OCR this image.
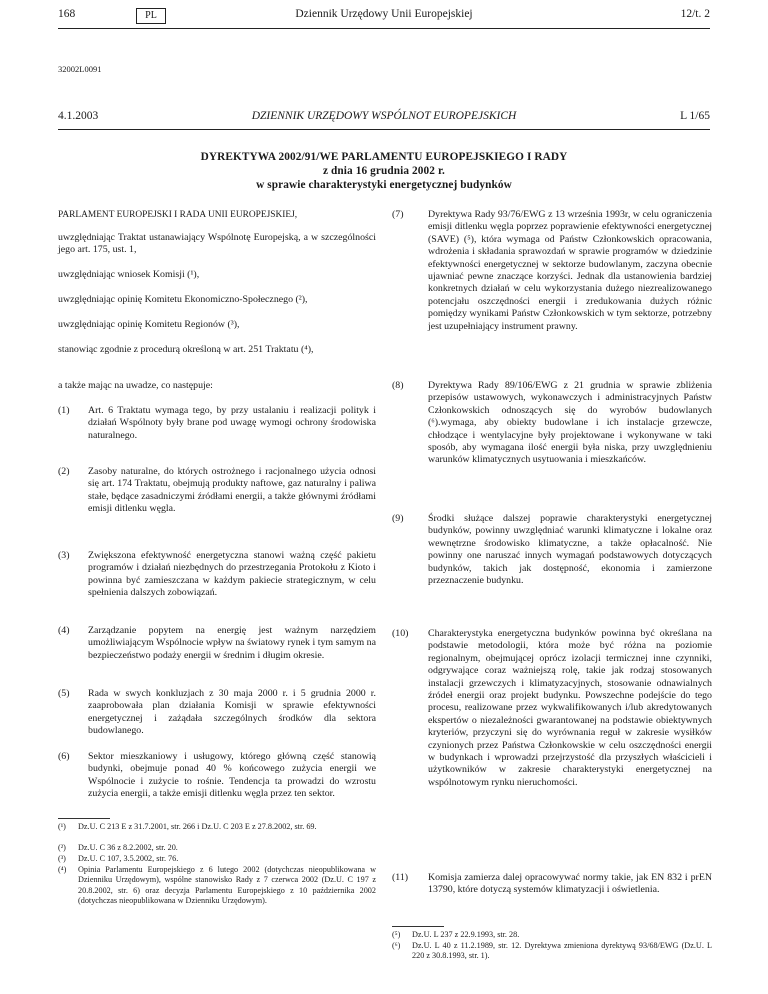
168	PL	Dziennik Urzędowy Unii Europejskiej	12/t. 2
32002L0091
4.1.2003	DZIENNIK URZĘDOWY WSPÓLNOT EUROPEJSKICH	L 1/65
DYREKTYWA 2002/91/WE PARLAMENTU EUROPEJSKIEGO I RADY
z dnia 16 grudnia 2002 r.
w sprawie charakterystyki energetycznej budynków
PARLAMENT EUROPEJSKI I RADA UNII EUROPEJSKIEJ,
uwzględniając Traktat ustanawiający Wspólnotę Europejską, a w szczególności jego art. 175, ust. 1,
uwzględniając wniosek Komisji (¹),
uwzględniając opinię Komitetu Ekonomiczno-Społecznego (²),
uwzględniając opinię Komitetu Regionów (³),
stanowiąc zgodnie z procedurą określoną w art. 251 Traktatu (⁴),
a także mając na uwadze, co następuje:
(1) Art. 6 Traktatu wymaga tego, by przy ustalaniu i realizacji polityk i działań Wspólnoty były brane pod uwagę wymogi ochrony środowiska naturalnego.
(2) Zasoby naturalne, do których ostrożnego i racjonalnego użycia odnosi się art. 174 Traktatu, obejmują produkty naftowe, gaz naturalny i paliwa stałe, będące zasadniczymi źródłami energii, a także głównymi źródłami emisji ditlenku węgla.
(3) Zwiększona efektywność energetyczna stanowi ważną część pakietu programów i działań niezbędnych do przestrzegania Protokołu z Kioto i powinna być zamieszczana w każdym pakiecie strategicznym, w celu spełnienia dalszych zobowiązań.
(4) Zarządzanie popytem na energię jest ważnym narzędziem umożliwiającym Wspólnocie wpływ na światowy rynek i tym samym na bezpieczeństwo podaży energii w średnim i długim okresie.
(5) Rada w swych konkluzjach z 30 maja 2000 r. i 5 grudnia 2000 r. zaaprobowała plan działania Komisji w sprawie efektywności energetycznej i zażądała szczególnych środków dla sektora budowlanego.
(6) Sektor mieszkaniowy i usługowy, którego główną część stanowią budynki, obejmuje ponad 40 % końcowego zużycia energii we Wspólnocie i zużycie to rośnie. Tendencja ta prowadzi do wzrostu zużycia energii, a także emisji ditlenku węgla przez ten sektor.
(¹) Dz.U. C 213 E z 31.7.2001, str. 266 i Dz.U. C 203 E z 27.8.2002, str. 69.
(²) Dz.U. C 36 z 8.2.2002, str. 20.
(³) Dz.U. C 107, 3.5.2002, str. 76.
(⁴) Opinia Parlamentu Europejskiego z 6 lutego 2002 (dotychczas nieopublikowana w Dzienniku Urzędowym), wspólne stanowisko Rady z 7 czerwca 2002 (Dz.U. C 197 z 20.8.2002, str. 6) oraz decyzja Parlamentu Europejskiego z 10 października 2002 (dotychczas nieopublikowana w Dzienniku Urzędowym).
(7) Dyrektywa Rady 93/76/EWG z 13 września 1993r, w celu ograniczenia emisji ditlenku węgla poprzez poprawienie efektywności energetycznej (SAVE) (⁵), która wymaga od Państw Członkowskich opracowania, wdrożenia i składania sprawozdań w sprawie programów w dziedzinie efektywności energetycznej w sektorze budowlanym, zaczyna obecnie ujawniać pewne znaczące korzyści. Jednak dla ustanowienia bardziej konkretnych działań w celu wykorzystania dużego niezrealizowanego potencjału oszczędności energii i zredukowania dużych różnic pomiędzy wynikami Państw Członkowskich w tym sektorze, potrzebny jest uzupełniający instrument prawny.
(8) Dyrektywa Rady 89/106/EWG z 21 grudnia w sprawie zbliżenia przepisów ustawowych, wykonawczych i administracyjnych Państw Członkowskich odnoszących się do wyrobów budowlanych (⁶).wymaga, aby obiekty budowlane i ich instalacje grzewcze, chłodzące i wentylacyjne były projektowane i wykonywane w taki sposób, aby wymagana ilość energii była niska, przy uwzględnieniu warunków klimatycznych usytuowania i mieszkańców.
(9) Środki służące dalszej poprawie charakterystyki energetycznej budynków, powinny uwzględniać warunki klimatyczne i lokalne oraz wewnętrzne środowisko klimatyczne, a także opłacalność. Nie powinny one naruszać innych wymagań podstawowych dotyczących budynków, takich jak dostępność, ekonomia i zamierzone przeznaczenie budynku.
(10) Charakterystyka energetyczna budynków powinna być określana na podstawie metodologii, która może być różna na poziomie regionalnym, obejmującej oprócz izolacji termicznej inne czynniki, odgrywające coraz ważniejszą rolę, takie jak rodzaj stosowanych instalacji grzewczych i klimatyzacyjnych, stosowanie odnawialnych źródeł energii oraz projekt budynku. Powszechne podejście do tego procesu, realizowane przez wykwalifikowanych i/lub akredytowanych ekspertów o niezależności gwarantowanej na podstawie obiektywnych kryteriów, przyczyni się do wyrównania reguł w zakresie wysiłków czynionych przez Państwa Członkowskie w celu oszczędności energii w budynkach i wprowadzi przejrzystość dla przyszłych właścicieli i użytkowników w zakresie charakterystyki energetycznej na wspólnotowym rynku nieruchomości.
(11) Komisja zamierza dalej opracowywać normy takie, jak EN 832 i prEN 13790, które dotyczą systemów klimatyzacji i oświetlenia.
(⁵) Dz.U. L 237 z 22.9.1993, str. 28.
(⁶) Dz.U. L 40 z 11.2.1989, str. 12. Dyrektywa zmieniona dyrektywą 93/68/EWG (Dz.U. L 220 z 30.8.1993, str. 1).
